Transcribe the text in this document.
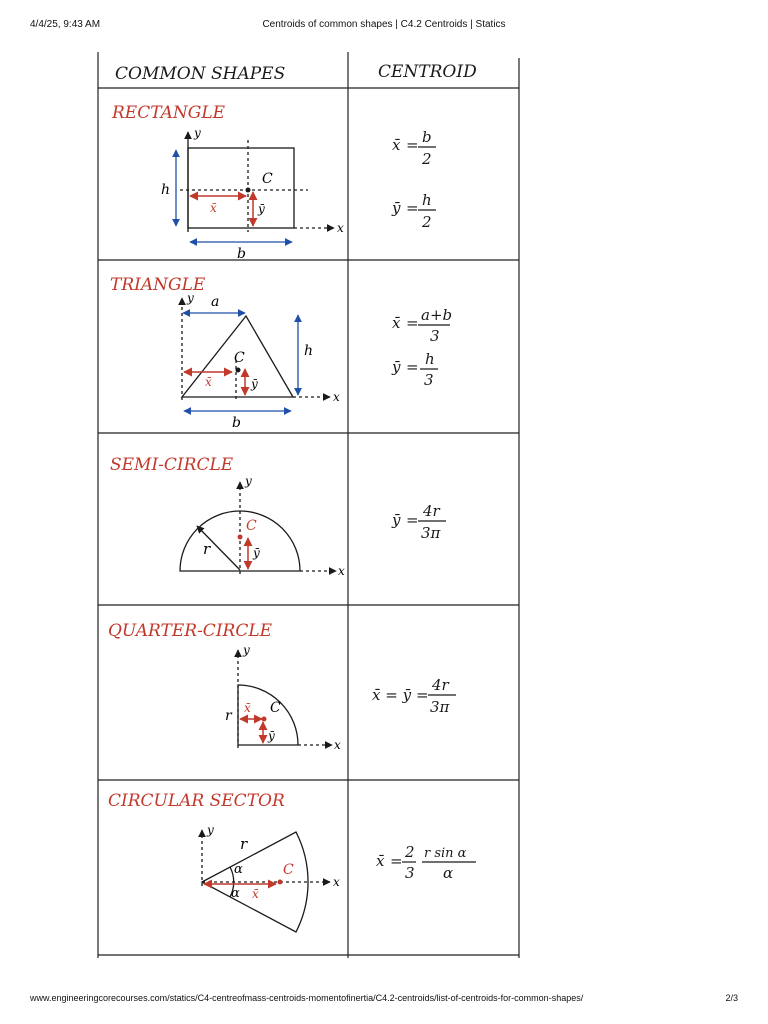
4/4/25, 9:43 AM	Centroids of common shapes | C4.2 Centroids | Statics
COMMON SHAPES	CENTROID
RECTANGLE
y
x
h
b
C
x̄	ȳ
x̄ = b
2
ȳ = h
2
TRIANGLE
y
x
a
h
b
C
x̄	ȳ
x̄ = a+b
3
ȳ = h
3
SEMI-CIRCLE
y
x
r
C
ȳ
ȳ = 4r
3π
QUARTER-CIRCLE
y
x
r	C
x̄
ȳ
x̄ = ȳ =
4r
3π
CIRCULAR SECTOR
y
x
r
α
α
C
x̄
x̄ = 2
3
r sin α
α
www.engineeringcorecourses.com/statics/C4-centreofmass-centroids-momentofinertia/C4.2-centroids/list-of-centroids-for-common-shapes/	2/3
